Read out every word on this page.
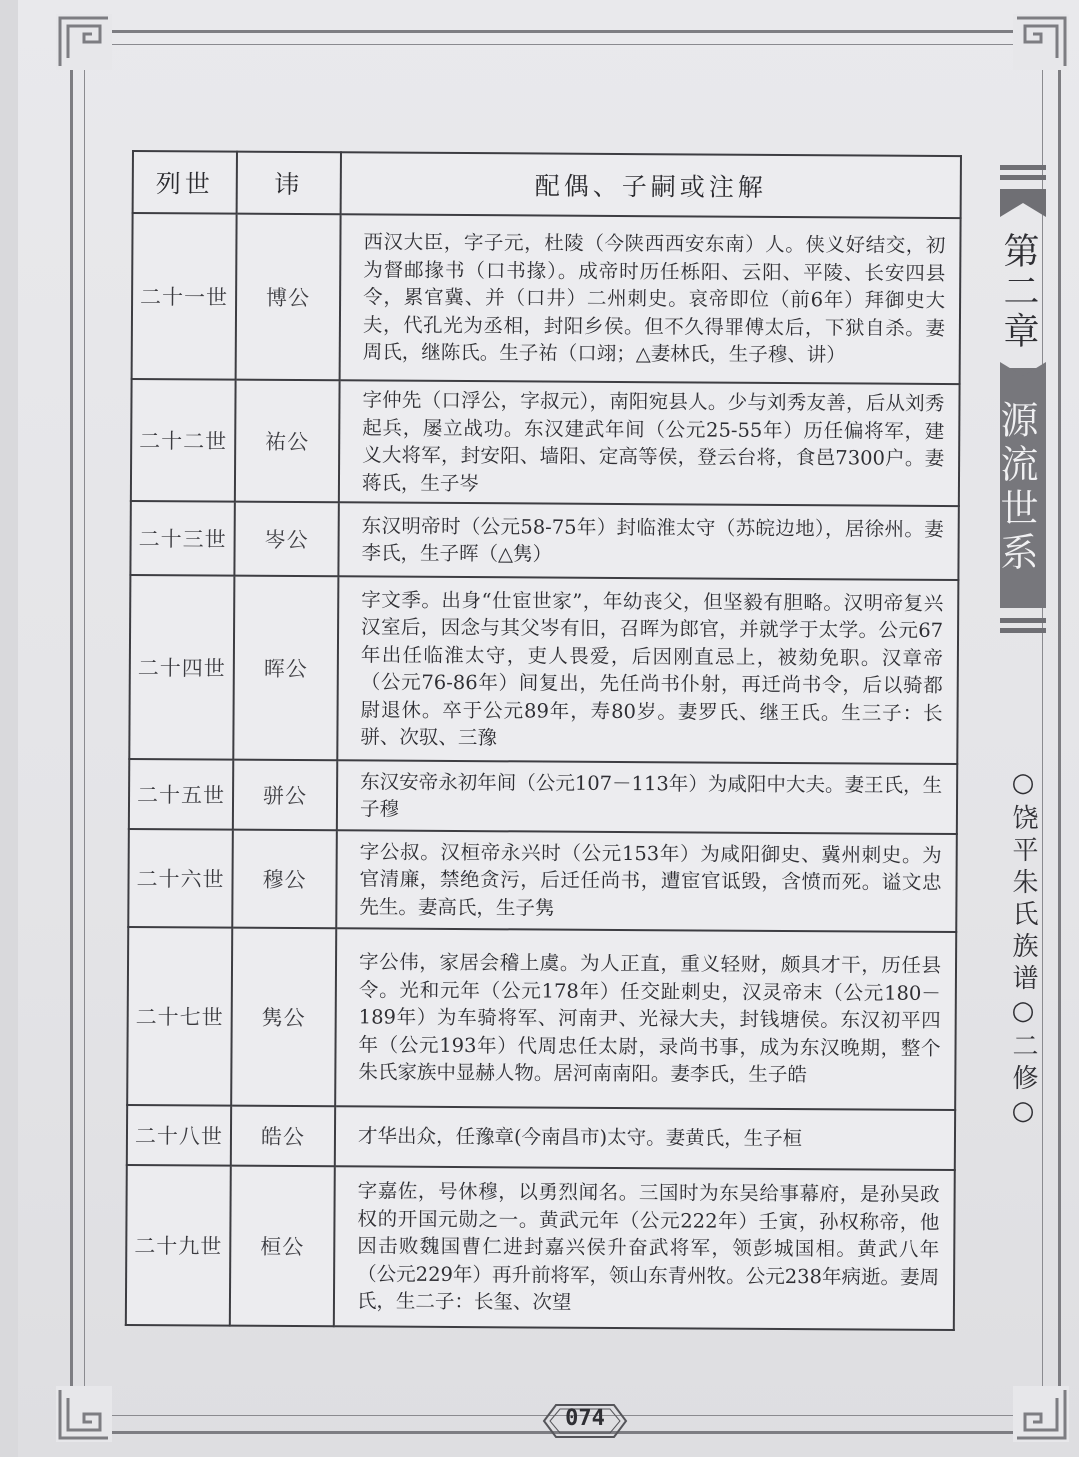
列世	讳	配偶、子嗣或注解
二十一世	博公	西汉大臣，字子元，杜陵（今陕西西安东南）人。侠义好结交，初为督邮掾书（口书掾）。成帝时历任栎阳、云阳、平陵、长安四县令，累官冀、并（口井）二州刺史。哀帝即位（前6年）拜御史大夫，代孔光为丞相，封阳乡侯。但不久得罪傅太后，下狱自杀。妻周氏，继陈氏。生子祐（口翊；△妻林氏，生子穆、讲）
二十二世	祐公	字仲先（口浮公，字叔元），南阳宛县人。少与刘秀友善，后从刘秀起兵，屡立战功。东汉建武年间（公元25-55年）历任偏将军，建义大将军，封安阳、墙阳、定高等侯，登云台将，食邑7300户。妻蒋氏，生子岑
二十三世	岑公	东汉明帝时（公元58-75年）封临淮太守（苏皖边地），居徐州。妻李氏，生子晖（△隽）
二十四世	晖公	字文季。出身“仕宦世家”，年幼丧父，但坚毅有胆略。汉明帝复兴汉室后，因念与其父岑有旧，召晖为郎官，并就学于太学。公元67年出任临淮太守，吏人畏爱，后因刚直忌上，被劾免职。汉章帝（公元76-86年）间复出，先任尚书仆射，再迁尚书令，后以骑都尉退休。卒于公元89年，寿80岁。妻罗氏、继王氏。生三子：长骈、次驭、三豫
二十五世	骈公	东汉安帝永初年间（公元107－113年）为咸阳中大夫。妻王氏，生子穆
二十六世	穆公	字公叔。汉桓帝永兴时（公元153年）为咸阳御史、冀州刺史。为官清廉，禁绝贪污，后迁任尚书，遭宦官诋毁，含愤而死。谥文忠先生。妻高氏，生子隽
二十七世	隽公	字公伟，家居会稽上虞。为人正直，重义轻财，颇具才干，历任县令。光和元年（公元178年）任交趾刺史，汉灵帝末（公元180－189年）为车骑将军、河南尹、光禄大夫，封钱塘侯。东汉初平四年（公元193年）代周忠任太尉，录尚书事，成为东汉晚期，整个朱氏家族中显赫人物。居河南南阳。妻李氏，生子皓
二十八世	皓公	才华出众，任豫章(今南昌市)太守。妻黄氏，生子桓
二十九世	桓公	字嘉佐，号休穆，以勇烈闻名。三国时为东吴给事幕府，是孙吴政权的开国元勋之一。黄武元年（公元222年）壬寅，孙权称帝，他因击败魏国曹仁进封嘉兴侯升奋武将军，领彭城国相。黄武八年（公元229年）再升前将军，领山东青州牧。公元238年病逝。妻周氏，生二子：长玺、次望
第二章
源流世系
○饶平朱氏族谱○二修○
074
